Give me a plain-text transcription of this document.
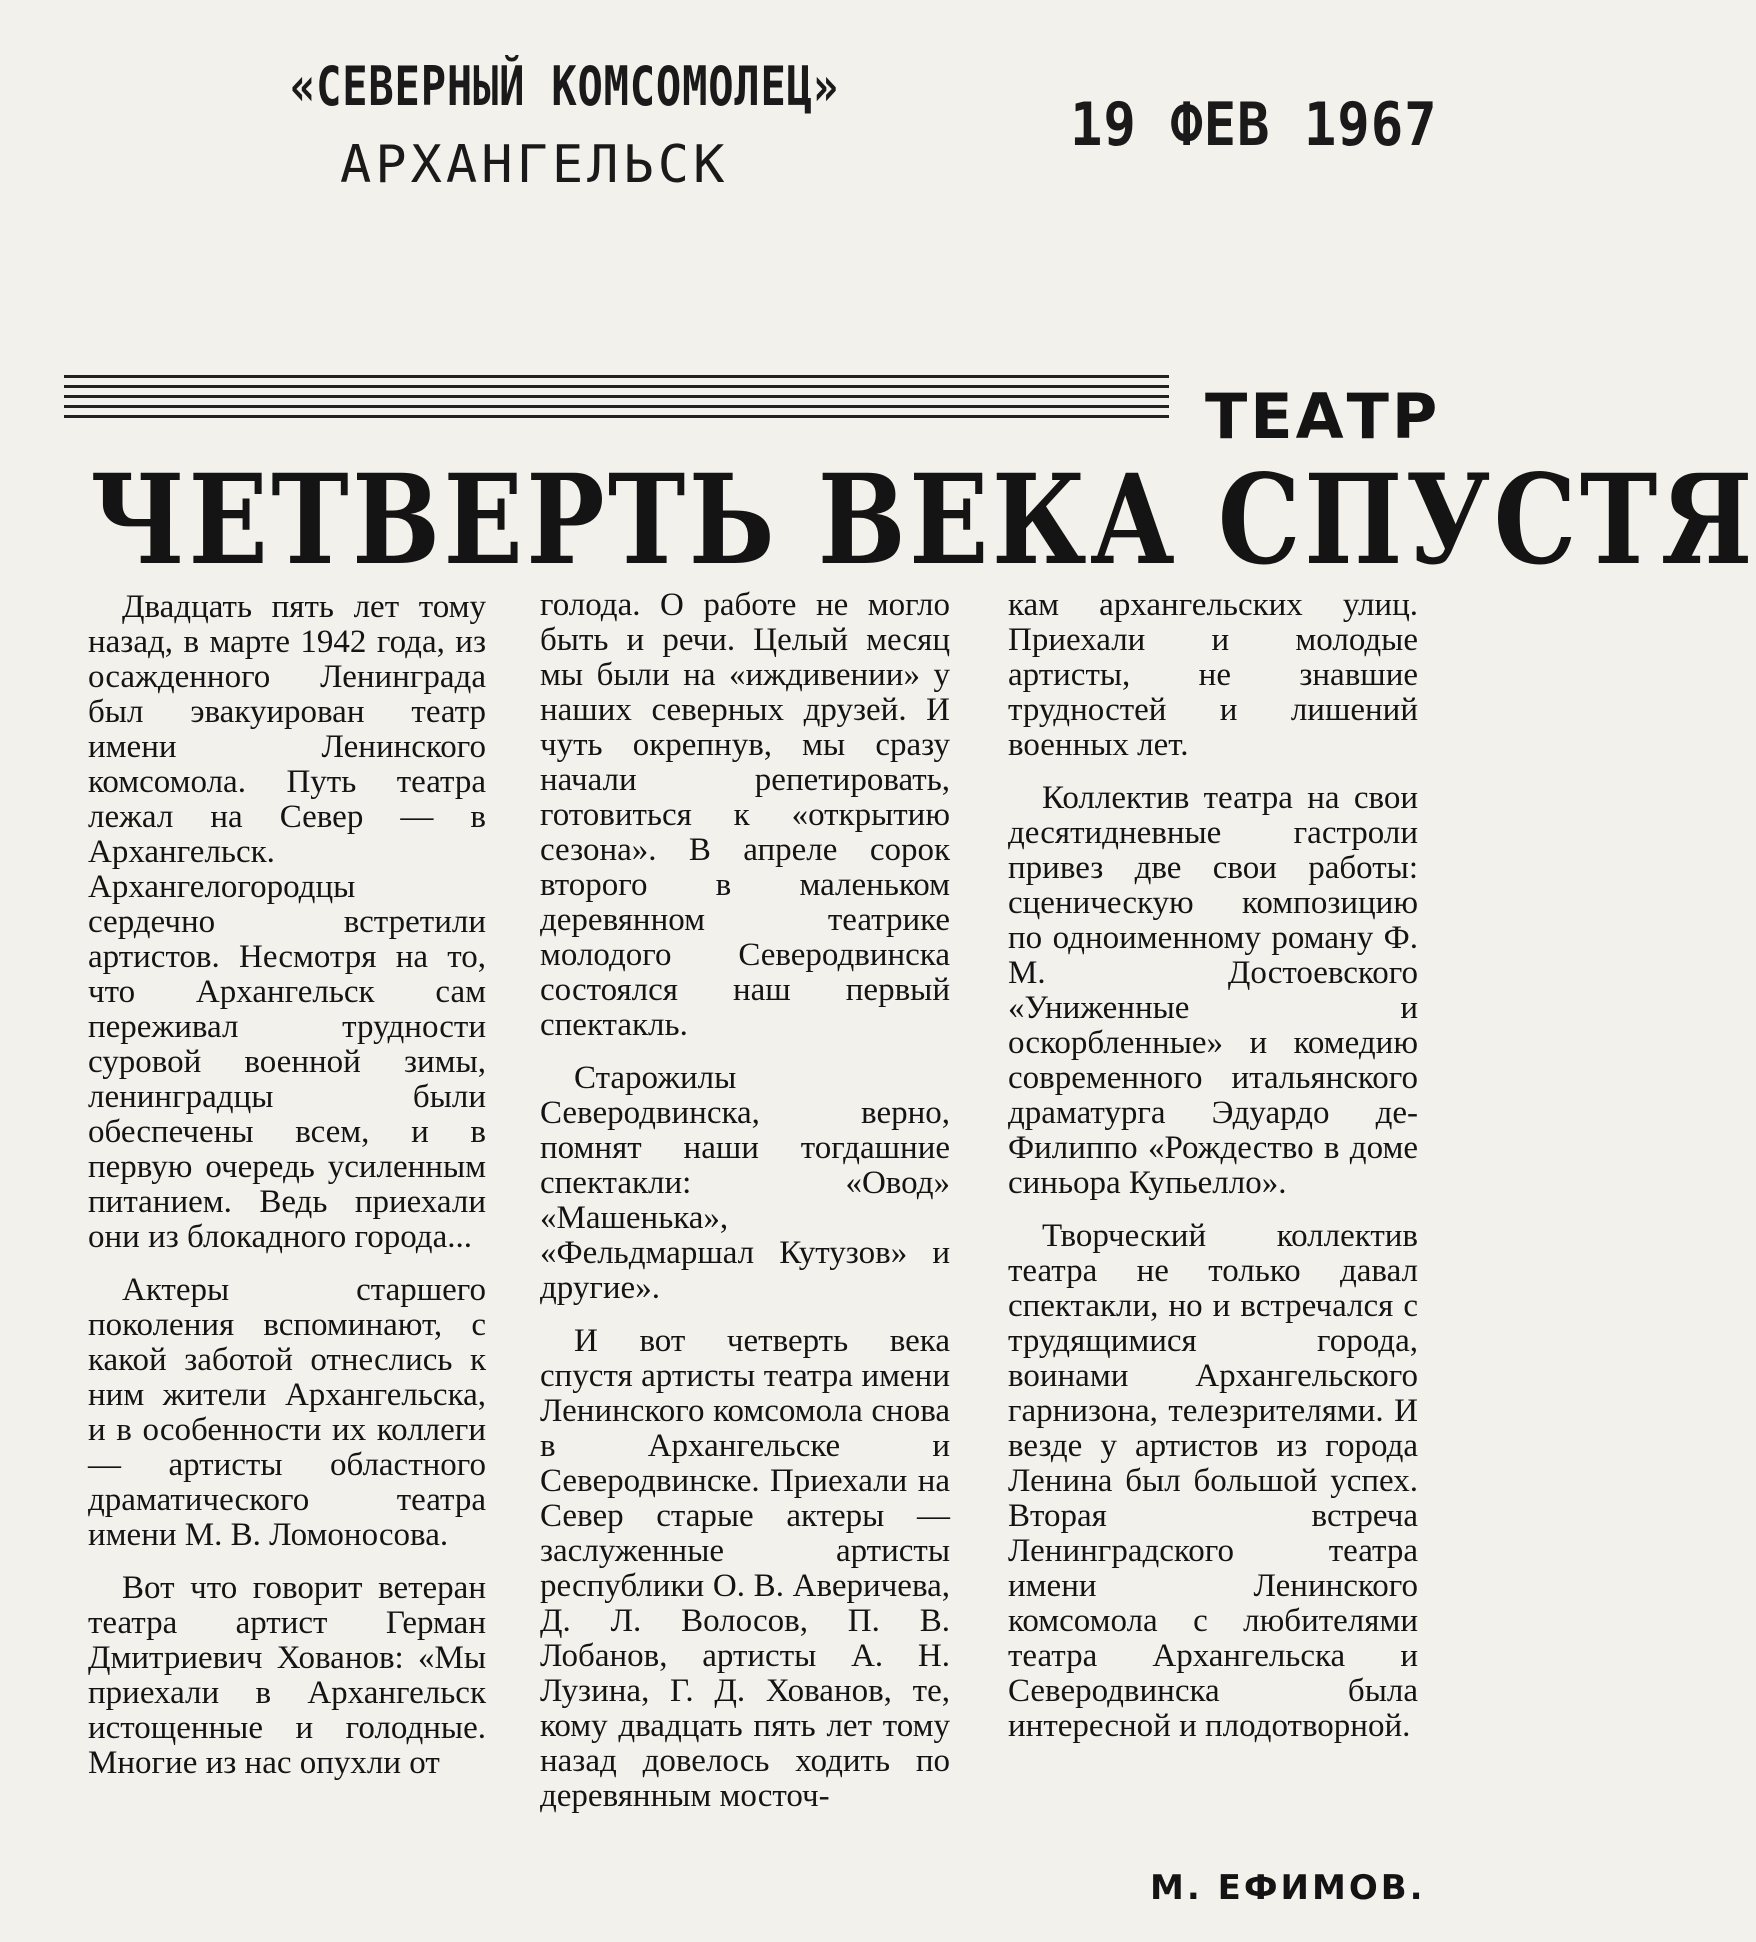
«СЕВЕРНЫЙ КОМСОМОЛЕЦ»
АРХАНГЕЛЬСК
19 ФЕВ 1967
ТЕАТР
ЧЕТВЕРТЬ ВЕКА СПУСТЯ

Двадцать пять лет тому назад, в марте 1942 года, из осажденного Ленинграда был эвакуирован театр имени Ленинского комсомола. Путь театра лежал на Север — в Архангельск. Архангелогородцы сердечно встретили артистов. Несмотря на то, что Архангельск сам переживал трудности суровой военной зимы, ленинградцы были обеспечены всем, и в первую очередь усиленным питанием. Ведь приехали они из блокадного города...

Актеры старшего поколения вспоминают, с какой заботой отнеслись к ним жители Архангельска, и в особенности их коллеги — артисты областного драматического театра имени М. В. Ломоносова.

Вот что говорит ветеран театра артист Герман Дмитриевич Хованов: «Мы приехали в Архангельск истощенные и голодные. Многие из нас опухли от

голода. О работе не могло быть и речи. Целый месяц мы были на «иждивении» у наших северных друзей. И чуть окрепнув, мы сразу начали репетировать, готовиться к «открытию сезона». В апреле сорок второго в маленьком деревянном театрике молодого Северодвинска состоялся наш первый спектакль.

Старожилы Северодвинска, верно, помнят наши тогдашние спектакли: «Овод» «Машенька», «Фельдмаршал Кутузов» и другие».

И вот четверть века спустя артисты театра имени Ленинского комсомола снова в Архангельске и Северодвинске. Приехали на Север старые актеры — заслуженные артисты республики О. В. Аверичева, Д. Л. Волосов, П. В. Лобанов, артисты А. Н. Лузина, Г. Д. Хованов, те, кому двадцать пять лет тому назад довелось ходить по деревянным мосточ-

кам архангельских улиц. Приехали и молодые артисты, не знавшие трудностей и лишений военных лет.

Коллектив театра на свои десятидневные гастроли привез две свои работы: сценическую композицию по одноименному роману Ф. М. Достоевского «Униженные и оскорбленные» и комедию современного итальянского драматурга Эдуардо де-Филиппо «Рождество в доме синьора Купьелло».

Творческий коллектив театра не только давал спектакли, но и встречался с трудящимися города, воинами Архангельского гарнизона, телезрителями. И везде у артистов из города Ленина был большой успех. Вторая встреча Ленинградского театра имени Ленинского комсомола с любителями театра Архангельска и Северодвинска была интересной и плодотворной.

М. ЕФИМОВ.
